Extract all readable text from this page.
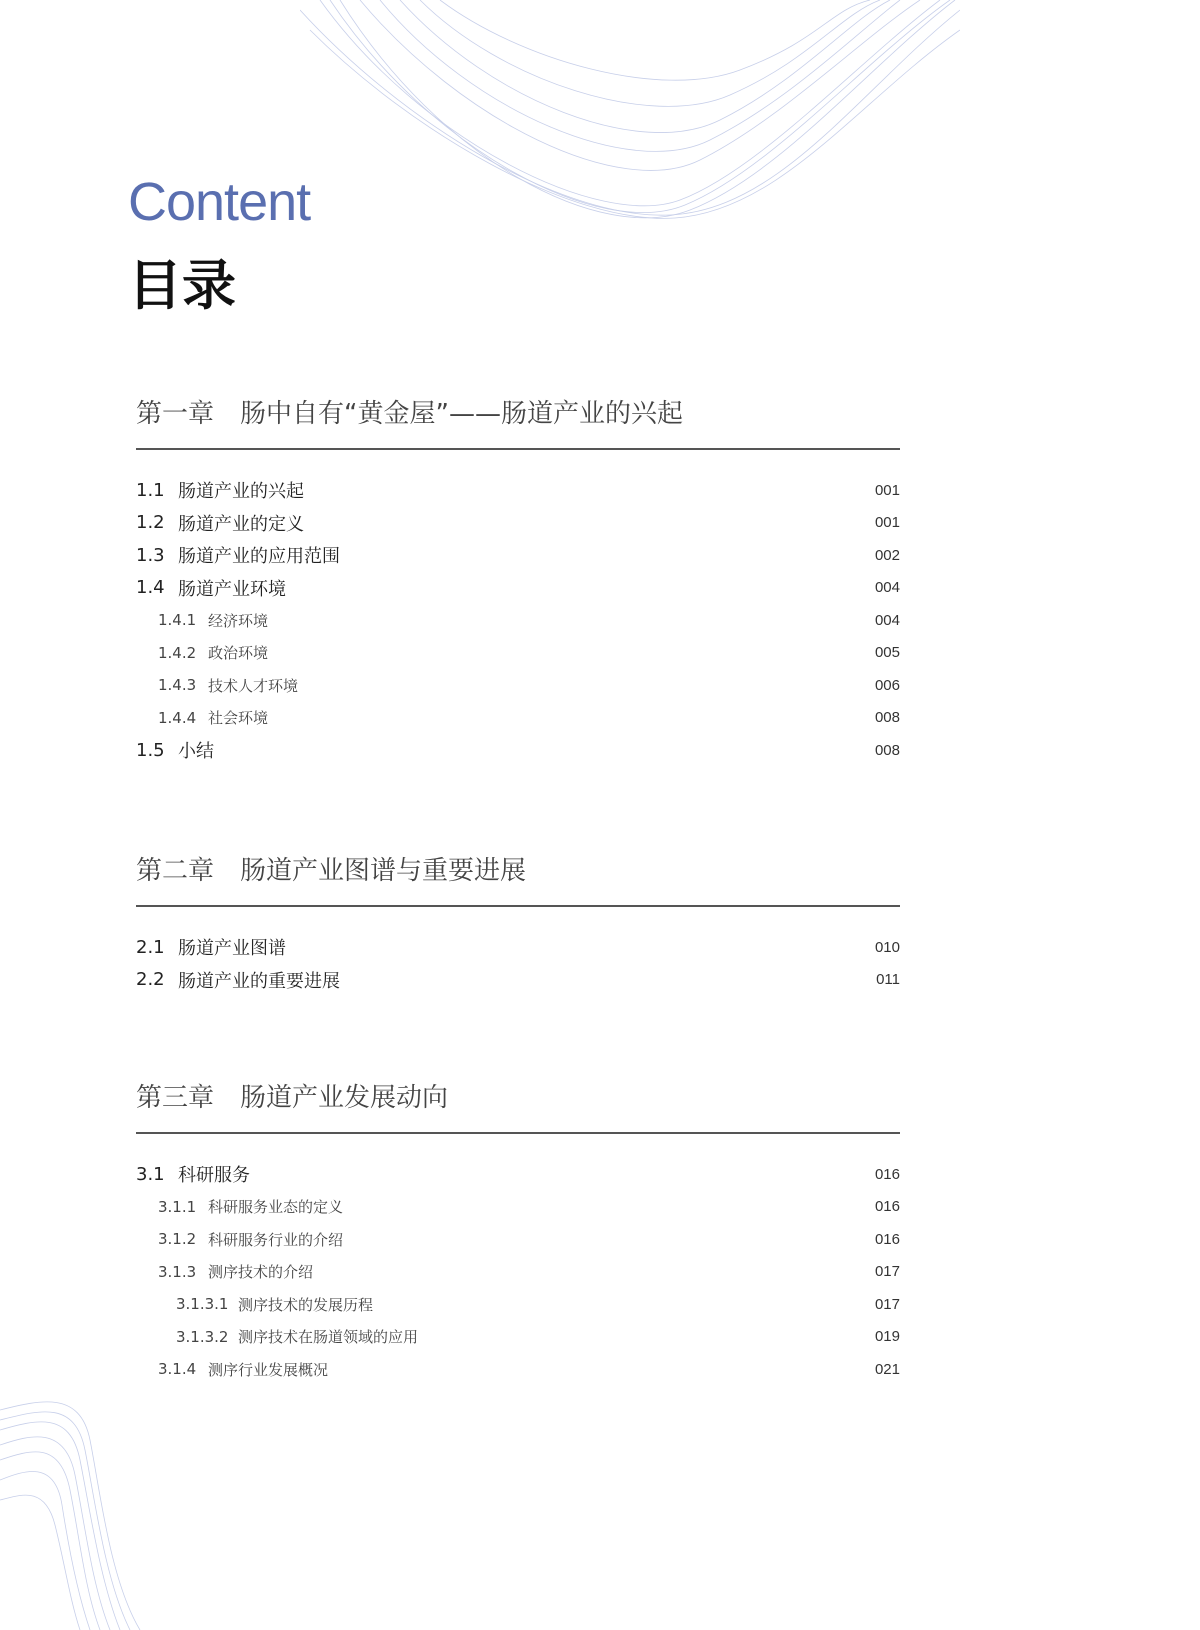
Content
目录
第一章　肠中自有“黄金屋”——肠道产业的兴起
1.1 肠道产业的兴起	001
1.2 肠道产业的定义	001
1.3 肠道产业的应用范围	002
1.4 肠道产业环境	004
1.4.1 经济环境	004
1.4.2 政治环境	005
1.4.3 技术人才环境	006
1.4.4 社会环境	008
1.5 小结	008
第二章　肠道产业图谱与重要进展
2.1 肠道产业图谱	010
2.2 肠道产业的重要进展	011
第三章　肠道产业发展动向
3.1 科研服务	016
3.1.1 科研服务业态的定义	016
3.1.2 科研服务行业的介绍	016
3.1.3 测序技术的介绍	017
3.1.3.1 测序技术的发展历程	017
3.1.3.2 测序技术在肠道领域的应用	019
3.1.4 测序行业发展概况	021
